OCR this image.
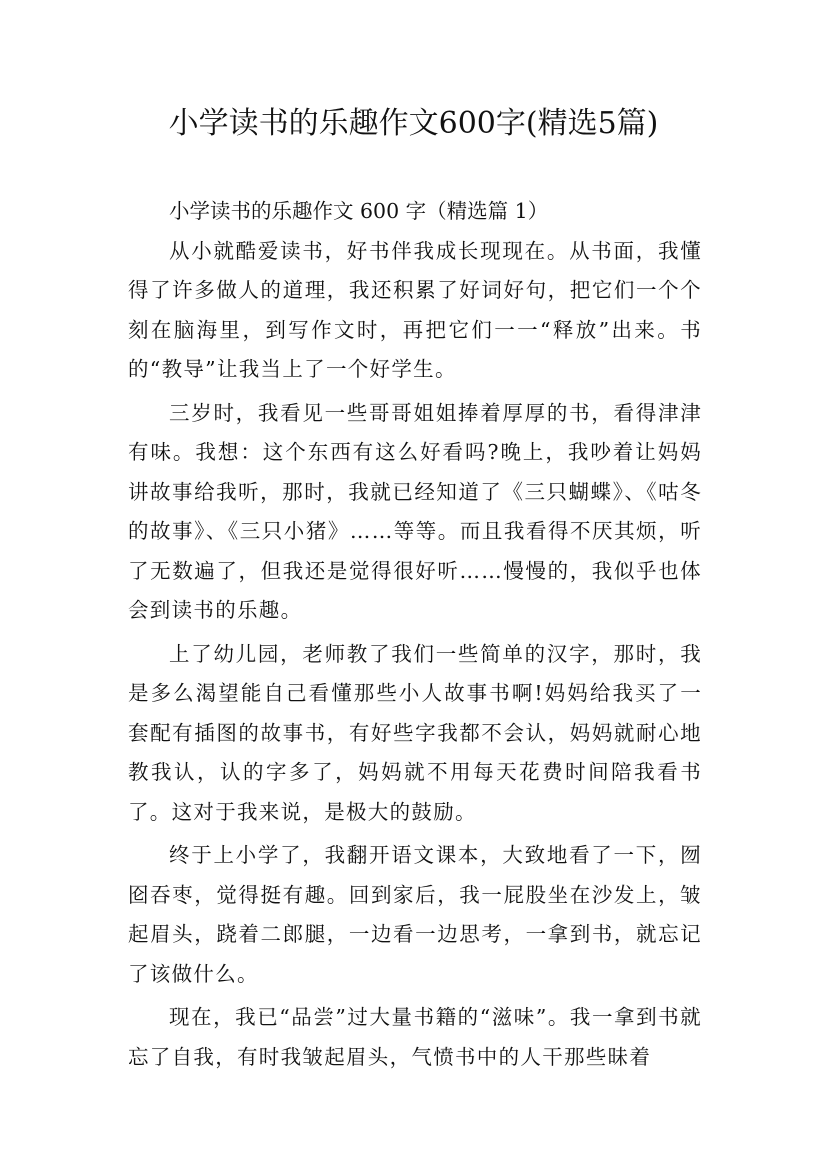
小学读书的乐趣作文600字(精选5篇)
小学读书的乐趣作文 600 字（精选篇 1）

从小就酷爱读书，好书伴我成长现现在。从书面，我懂得了许多做人的道理，我还积累了好词好句，把它们一个个刻在脑海里，到写作文时，再把它们一一“释放”出来。书的“教导”让我当上了一个好学生。

三岁时，我看见一些哥哥姐姐捧着厚厚的书，看得津津有味。我想：这个东西有这么好看吗?晚上，我吵着让妈妈讲故事给我听，那时，我就已经知道了《三只蝴蝶》、《咕冬的故事》、《三只小猪》……等等。而且我看得不厌其烦，听了无数遍了，但我还是觉得很好听……慢慢的，我似乎也体会到读书的乐趣。

上了幼儿园，老师教了我们一些简单的汉字，那时，我是多么渴望能自己看懂那些小人故事书啊!妈妈给我买了一套配有插图的故事书，有好些字我都不会认，妈妈就耐心地教我认，认的字多了，妈妈就不用每天花费时间陪我看书了。这对于我来说，是极大的鼓励。

终于上小学了，我翻开语文课本，大致地看了一下，囫囵吞枣，觉得挺有趣。回到家后，我一屁股坐在沙发上，皱起眉头，跷着二郎腿，一边看一边思考，一拿到书，就忘记了该做什么。

现在，我已“品尝”过大量书籍的“滋味”。我一拿到书就忘了自我，有时我皱起眉头，气愤书中的人干那些昧着
